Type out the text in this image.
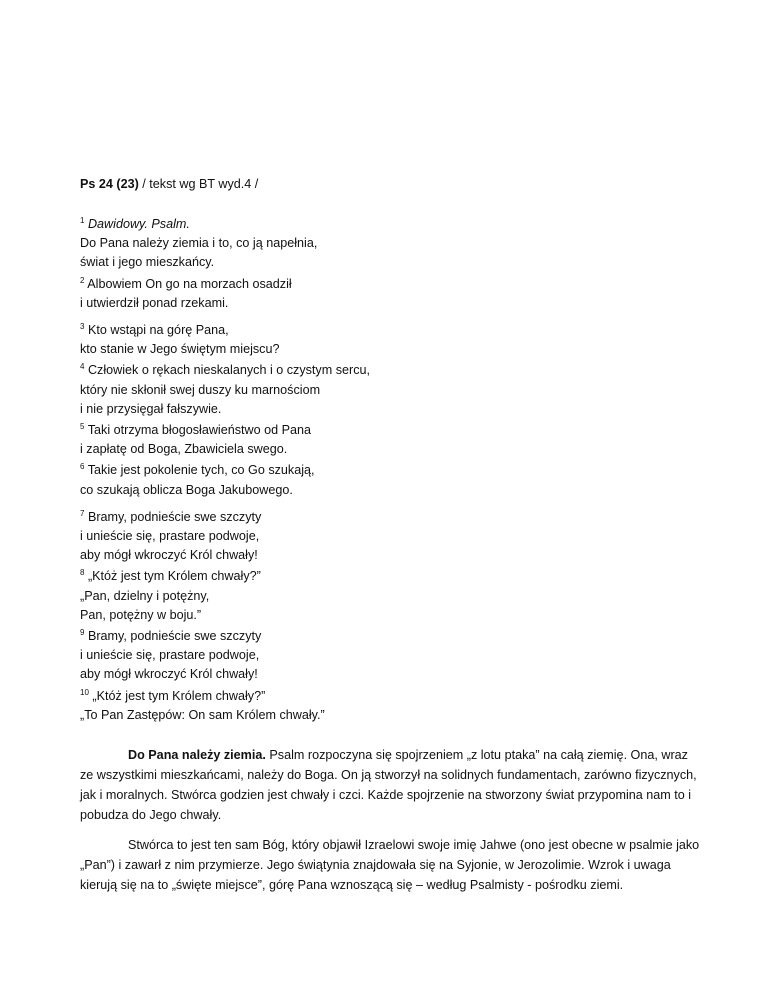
Ps 24 (23) / tekst wg BT wyd.4 /

$^1$ Dawidowy. Psalm.
Do Pana należy ziemia i to, co ją napełnia,
świat i jego mieszkańcy.
$^2$ Albowiem On go na morzach osadził
i utwierdził ponad rzekami.
$^3$ Kto wstąpi na górę Pana,
kto stanie w Jego świętym miejscu?
$^4$ Człowiek o rękach nieskalanych i o czystym sercu,
który nie skłonił swej duszy ku marnościom
i nie przysięgał fałszywie.
$^5$ Taki otrzyma błogosławieństwo od Pana
i zapłatę od Boga, Zbawiciela swego.
$^6$ Takie jest pokolenie tych, co Go szukają,
co szukają oblicza Boga Jakubowego.
$^7$ Bramy, podnieście swe szczyty
i unieście się, prastare podwoje,
aby mógł wkroczyć Król chwały!
$^8$ „Któż jest tym Królem chwały?”
„Pan, dzielny i potężny,
Pan, potężny w boju.”
$^9$ Bramy, podnieście swe szczyty
i unieście się, prastare podwoje,
aby mógł wkroczyć Król chwały!
$^{10}$ „Któż jest tym Królem chwały?”
„To Pan Zastępów: On sam Królem chwały.”

Do Pana należy ziemia. Psalm rozpoczyna się spojrzeniem „z lotu ptaka” na całą ziemię. Ona, wraz ze wszystkimi mieszkańcami, należy do Boga. On ją stworzył na solidnych fundamentach, zarówno fizycznych, jak i moralnych. Stwórca godzien jest chwały i czci. Każde spojrzenie na stworzony świat przypomina nam to i pobudza do Jego chwały.

Stwórca to jest ten sam Bóg, który objawił Izraelowi swoje imię Jahwe (ono jest obecne w psalmie jako „Pan”) i zawarł z nim przymierze. Jego świątynia znajdowała się na Syjonie, w Jerozolimie. Wzrok i uwaga kierują się na to „święte miejsce”, górę Pana wznoszącą się – według Psalmisty - pośrodku ziemi.
